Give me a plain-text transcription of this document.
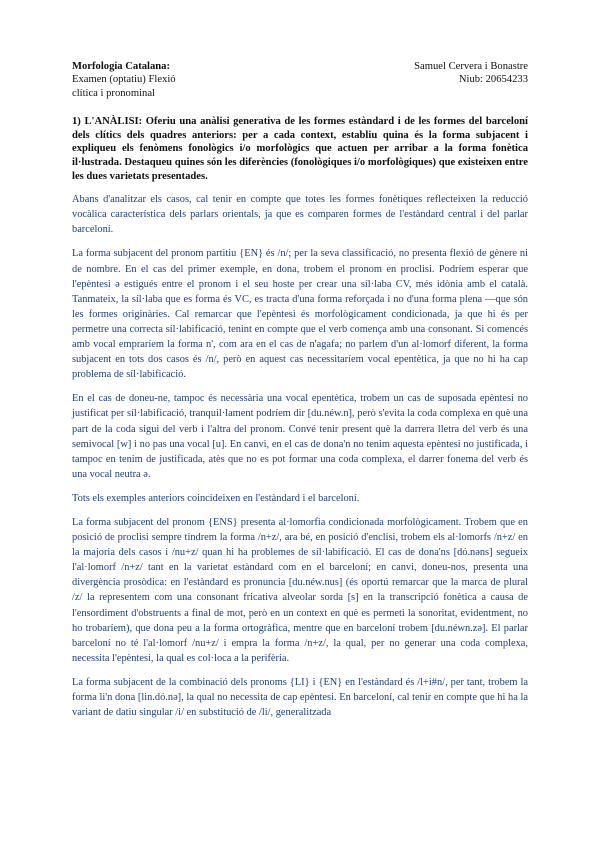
Morfologia Catalana:
Examen (optatiu) Flexió
clítica i pronominal
Samuel Cervera i Bonastre
Niub: 20654233
1) L'ANÀLISI: Oferiu una anàlisi generativa de les formes estàndard i de les formes del barceloní dels clítics dels quadres anteriors: per a cada context, establiu quina és la forma subjacent i expliqueu els fenòmens fonològics i/o morfològics que actuen per arribar a la forma fonètica il·lustrada. Destaqueu quines són les diferències (fonològiques i/o morfològiques) que existeixen entre les dues varietats presentades.

Abans d'analitzar els casos, cal tenir en compte que totes les formes fonètiques reflecteixen la reducció vocàlica característica dels parlars orientals, ja que es comparen formes de l'estàndard central i del parlar barceloní.

La forma subjacent del pronom partitiu {EN} és /n/; per la seva classificació, no presenta flexió de gènere ni de nombre. En el cas del primer exemple, en dona, trobem el pronom en proclisi. Podríem esperar que l'epèntesi ə estigués entre el pronom i el seu hoste per crear una síl·laba CV, més idònia amb el català. Tanmateix, la síl·laba que es forma és VC, es tracta d'una forma reforçada i no d'una forma plena —que són les formes originàries. Cal remarcar que l'epèntesi és morfològicament condicionada, ja que hi és per permetre una correcta síl·labificació, tenint en compte que el verb comença amb una consonant. Si comencés amb vocal empraríem la forma n', com ara en el cas de n'agafa; no parlem d'un al·lomorf diferent, la forma subjacent en tots dos casos és /n/, però en aquest cas necessitaríem vocal epentètica, ja que no hi ha cap problema de síl·labificació.

En el cas de doneu-ne, tampoc és necessària una vocal epentètica, trobem un cas de suposada epèntesi no justificat per síl·labificació, tranquil·lament podríem dir [du.néw.n], però s'evita la coda complexa en què una part de la coda sigui del verb i l'altra del pronom. Convé tenir present què la darrera lletra del verb és una semivocal [w] i no pas una vocal [u]. En canvi, en el cas de dona'n no tenim aquesta epèntesi no justificada, i tampoc en tenim de justificada, atès que no es pot formar una coda complexa, el darrer fonema del verb és una vocal neutra ə.

Tots els exemples anteriors coincideixen en l'estàndard i el barceloní.

La forma subjacent del pronom {ENS} presenta al·lomorfia condicionada morfològicament. Trobem que en posició de proclisi sempre tindrem la forma /n+z/, ara bé, en posició d'enclisi, trobem els al·lomorfs /n+z/ en la majoria dels casos i /nu+z/ quan hi ha problemes de síl·labificació. El cas de dona'ns [dó.nəns] segueix l'al·lomorf /n+z/ tant en la varietat estàndard com en el barceloní; en canvi, doneu-nos, presenta una divergència prosòdica: en l'estàndard es pronuncia [du.néw.nus] (és oportú remarcar que la marca de plural /z/ la representem com una consonant fricativa alveolar sorda [s] en la transcripció fonètica a causa de l'ensordiment d'obstruents a final de mot, però en un context en què es permeti la sonoritat, evidentment, no ho trobaríem), que dona peu a la forma ortogràfica, mentre que en barceloní trobem [du.néwn.zə]. El parlar barceloní no té l'al·lomorf /nu+z/ i empra la forma /n+z/, la qual, per no generar una coda complexa, necessita l'epèntesi, la qual es col·loca a la perifèria.

La forma subjacent de la combinació dels pronoms {LI} i {EN} en l'estàndard és /l+i#n/, per tant, trobem la forma li'n dona [lin.dó.nə], la qual no necessita de cap epèntesi. En barceloní, cal tenir en compte que hi ha la variant de datiu singular /i/ en substitució de /li/, generalitzada
